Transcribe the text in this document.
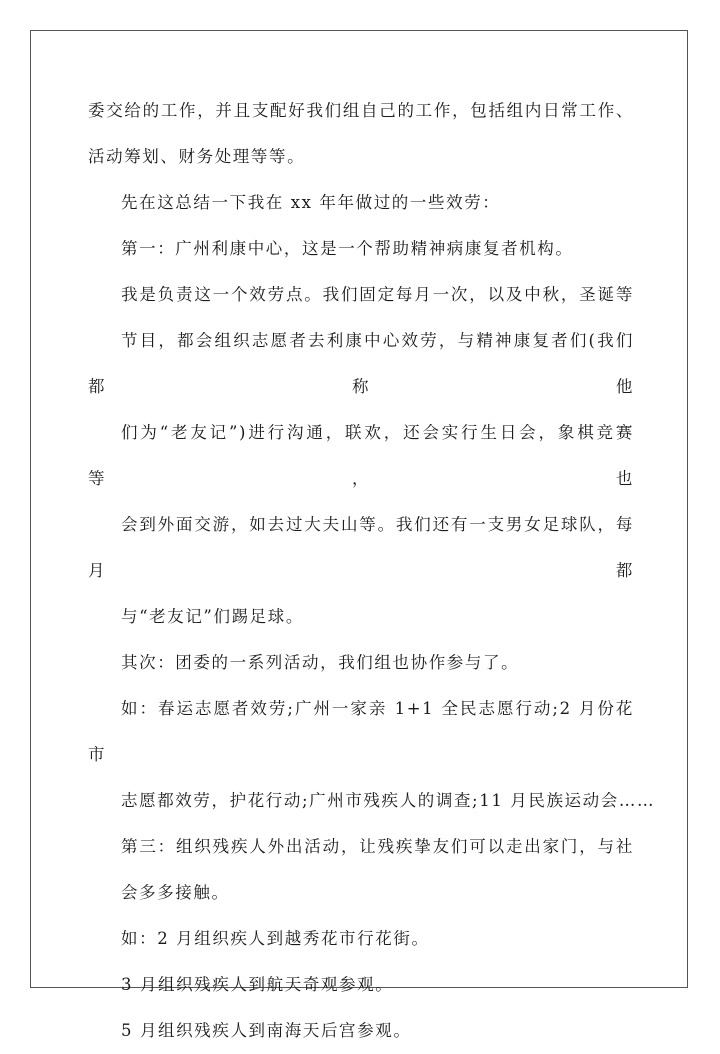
委交给的工作，并且支配好我们组自己的工作，包括组内日常工作、
活动筹划、财务处理等等。

先在这总结一下我在 xx 年年做过的一些效劳：

第一：广州利康中心，这是一个帮助精神病康复者机构。

我是负责这一个效劳点。我们固定每月一次，以及中秋，圣诞等
节目，都会组织志愿者去利康中心效劳，与精神康复者们(我们都称他
们为“老友记”)进行沟通，联欢，还会实行生日会，象棋竞赛等，也
会到外面交游，如去过大夫山等。我们还有一支男女足球队，每月都
与“老友记”们踢足球。

其次：团委的一系列活动，我们组也协作参与了。

如：春运志愿者效劳;广州一家亲 1+1 全民志愿行动;2 月份花市
志愿都效劳，护花行动;广州市残疾人的调查;11 月民族运动会……

第三：组织残疾人外出活动，让残疾挚友们可以走出家门，与社
会多多接触。

如：2 月组织疾人到越秀花市行花街。

3 月组织残疾人到航天奇观参观。

5 月组织残疾人到南海天后宫参观。
